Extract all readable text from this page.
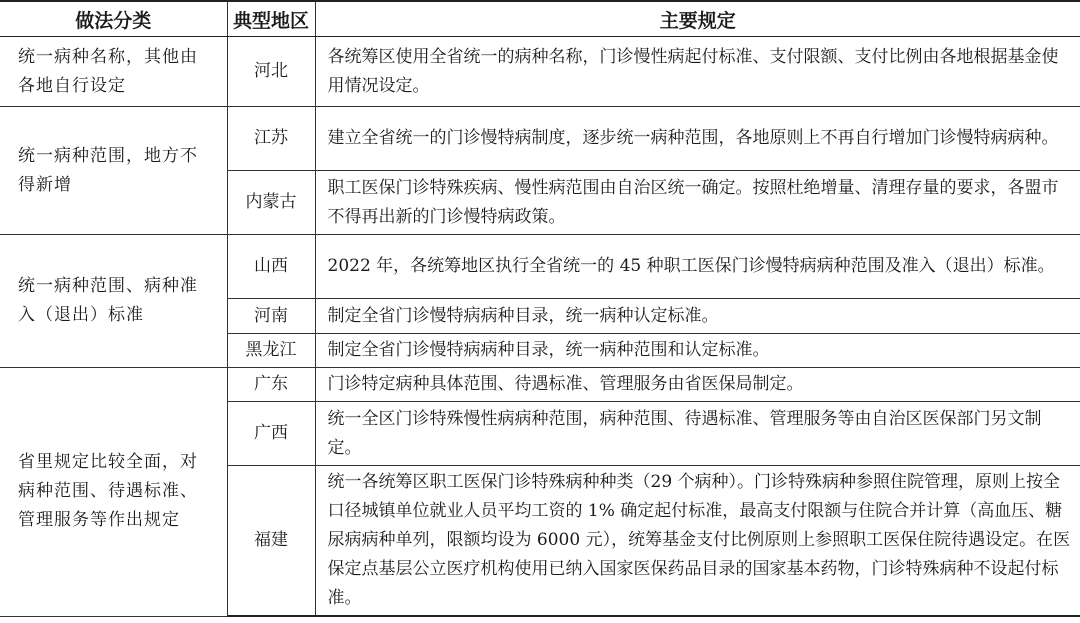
做法分类	典型地区	主要规定
统一病种名称，其他由各地自行设定	河北	各统筹区使用全省统一的病种名称，门诊慢性病起付标准、支付限额、支付比例由各地根据基金使用情况设定。
统一病种范围，地方不得新增	江苏	建立全省统一的门诊慢特病制度，逐步统一病种范围，各地原则上不再自行增加门诊慢特病病种。
	内蒙古	职工医保门诊特殊疾病、慢性病范围由自治区统一确定。按照杜绝增量、清理存量的要求，各盟市不得再出新的门诊慢特病政策。
统一病种范围、病种准入（退出）标准	山西	2022 年，各统筹地区执行全省统一的 45 种职工医保门诊慢特病病种范围及准入（退出）标准。
	河南	制定全省门诊慢特病病种目录，统一病种认定标准。
	黑龙江	制定全省门诊慢特病病种目录，统一病种范围和认定标准。
省里规定比较全面，对病种范围、待遇标准、管理服务等作出规定	广东	门诊特定病种具体范围、待遇标准、管理服务由省医保局制定。
	广西	统一全区门诊特殊慢性病病种范围，病种范围、待遇标准、管理服务等由自治区医保部门另文制定。
	福建	统一各统筹区职工医保门诊特殊病种种类（29 个病种）。门诊特殊病种参照住院管理，原则上按全口径城镇单位就业人员平均工资的 1% 确定起付标准，最高支付限额与住院合并计算（高血压、糖尿病病种单列，限额均设为 6000 元），统筹基金支付比例原则上参照职工医保住院待遇设定。在医保定点基层公立医疗机构使用已纳入国家医保药品目录的国家基本药物，门诊特殊病种不设起付标准。
